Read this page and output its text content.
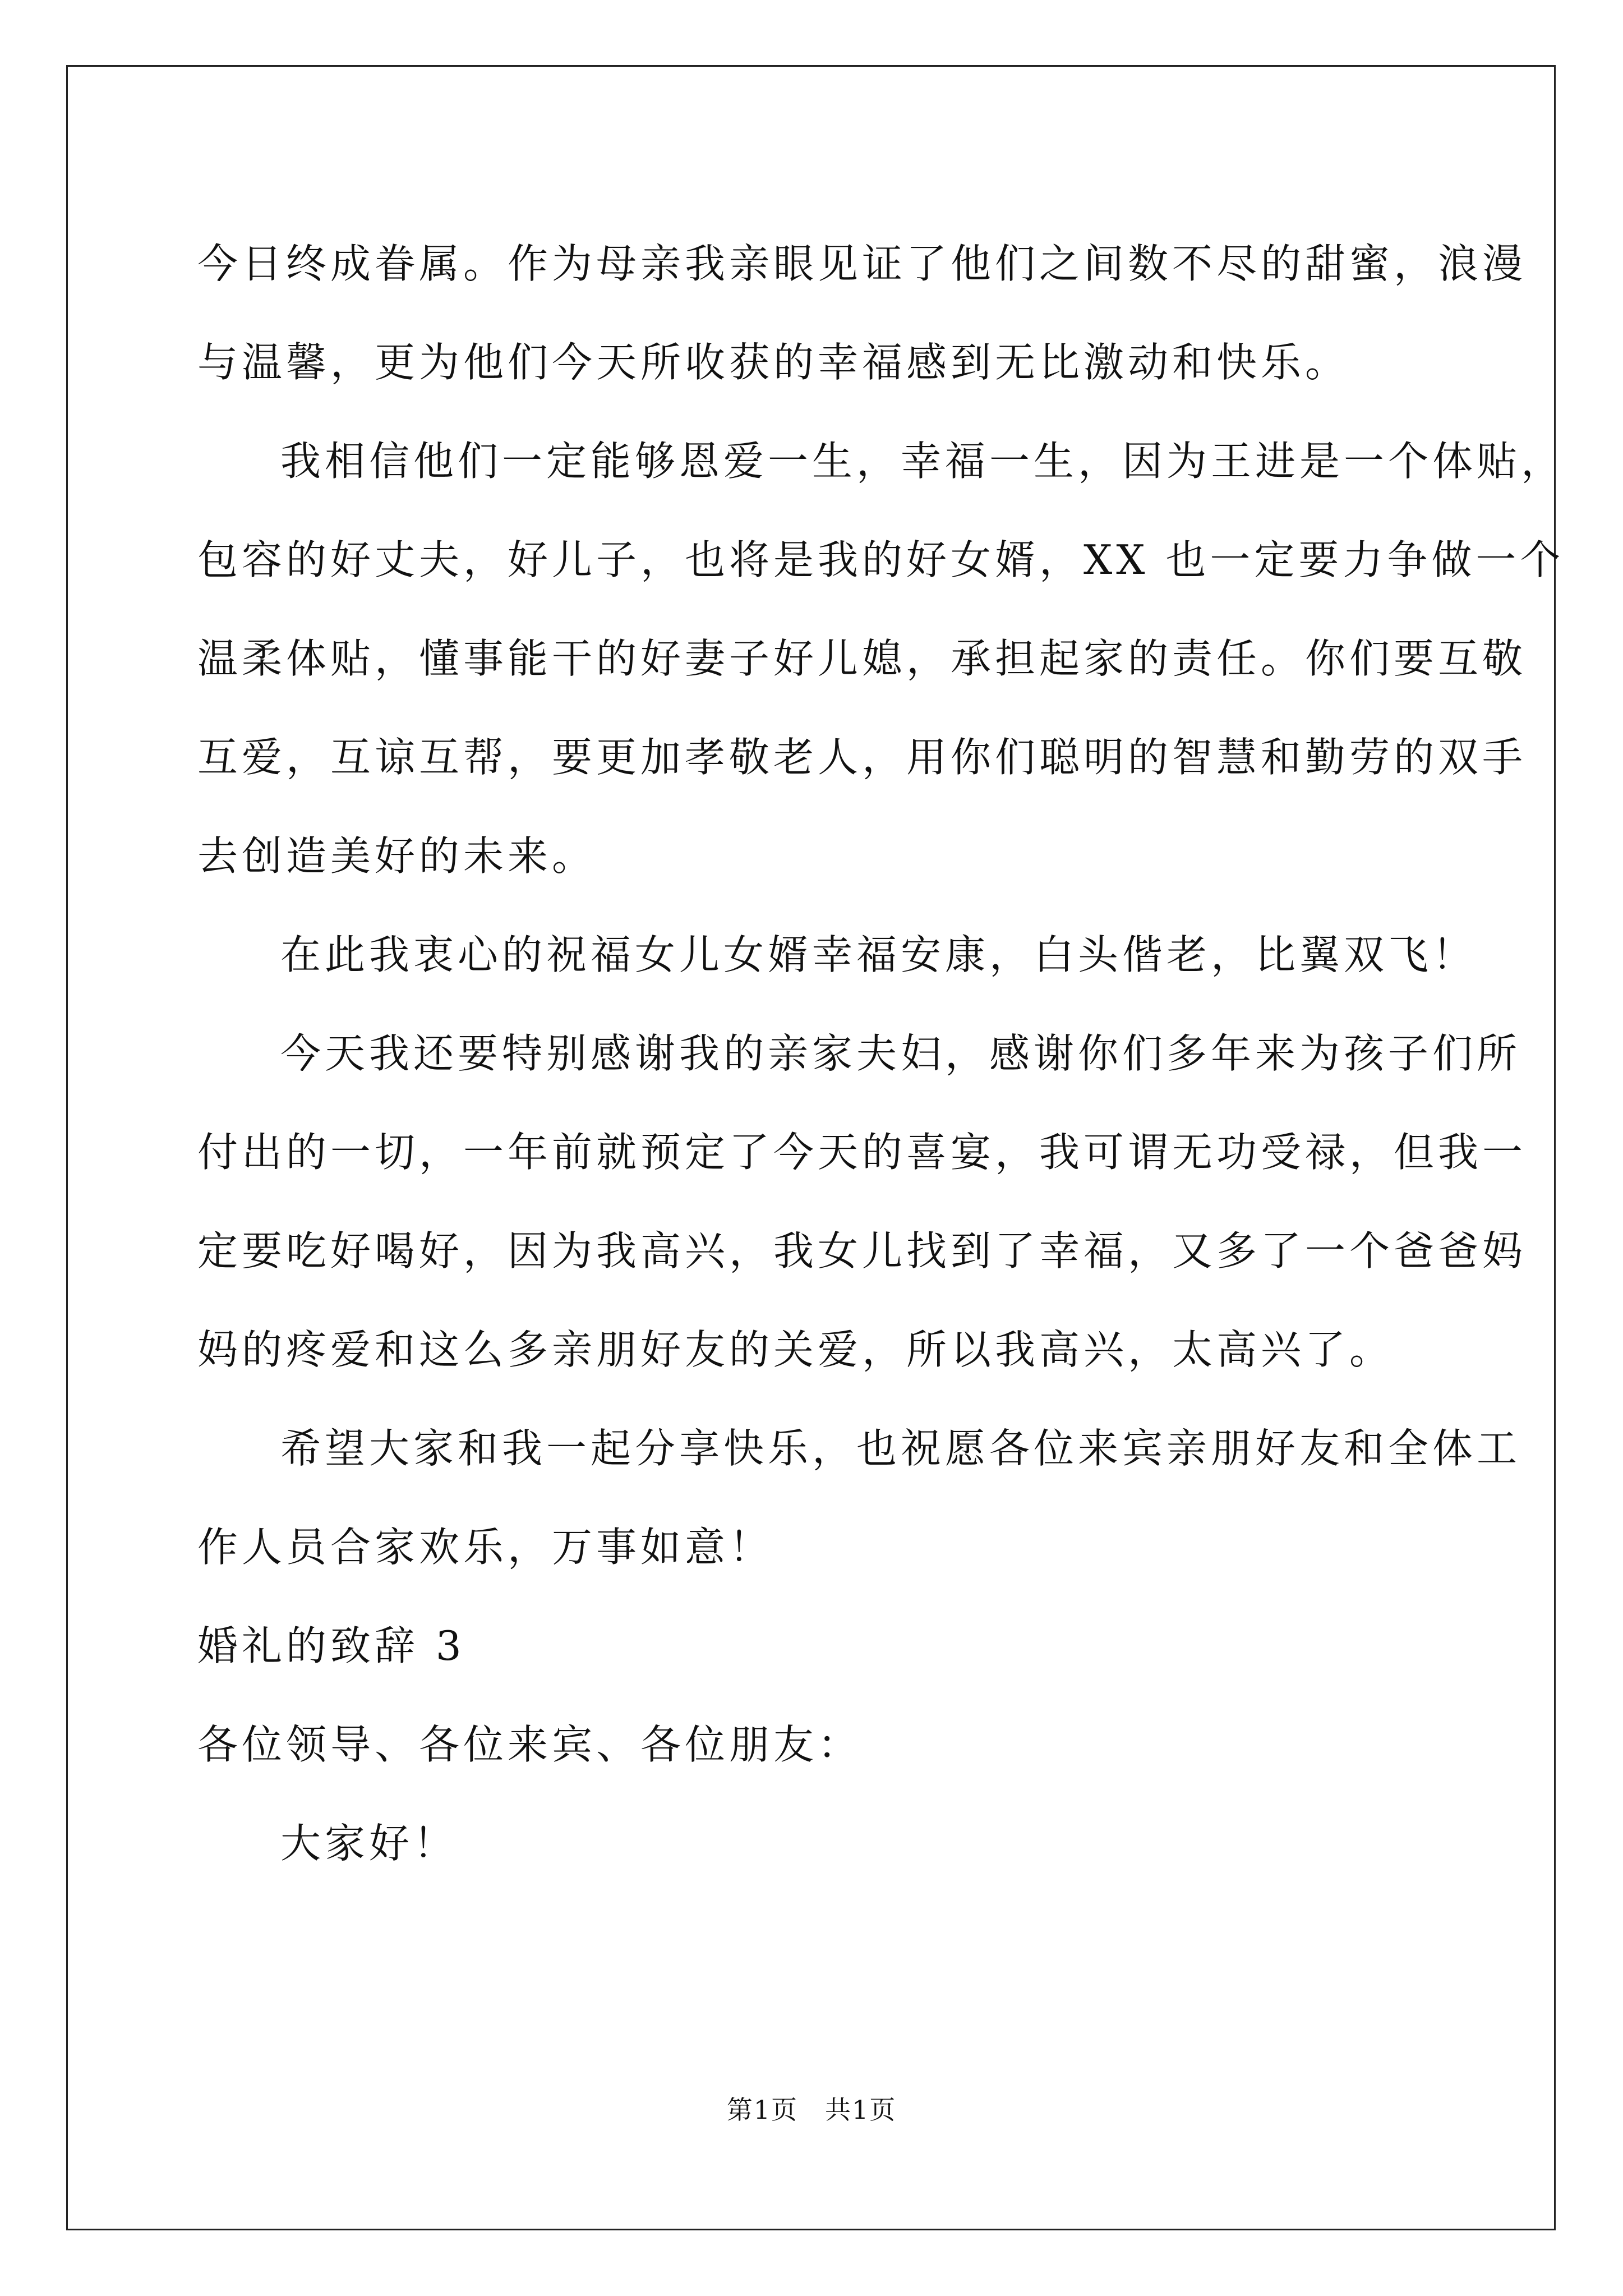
今日终成眷属。作为母亲我亲眼见证了他们之间数不尽的甜蜜，浪漫
与温馨，更为他们今天所收获的幸福感到无比激动和快乐。
我相信他们一定能够恩爱一生，幸福一生，因为王进是一个体贴，
包容的好丈夫，好儿子，也将是我的好女婿，XX 也一定要力争做一个
温柔体贴，懂事能干的好妻子好儿媳，承担起家的责任。你们要互敬
互爱，互谅互帮，要更加孝敬老人，用你们聪明的智慧和勤劳的双手
去创造美好的未来。
在此我衷心的祝福女儿女婿幸福安康，白头偕老，比翼双飞！
今天我还要特别感谢我的亲家夫妇，感谢你们多年来为孩子们所
付出的一切，一年前就预定了今天的喜宴，我可谓无功受禄，但我一
定要吃好喝好，因为我高兴，我女儿找到了幸福，又多了一个爸爸妈
妈的疼爱和这么多亲朋好友的关爱，所以我高兴，太高兴了。
希望大家和我一起分享快乐，也祝愿各位来宾亲朋好友和全体工
作人员合家欢乐，万事如意！
婚礼的致辞 3
各位领导、各位来宾、各位朋友：
大家好！
第1页　共1页
